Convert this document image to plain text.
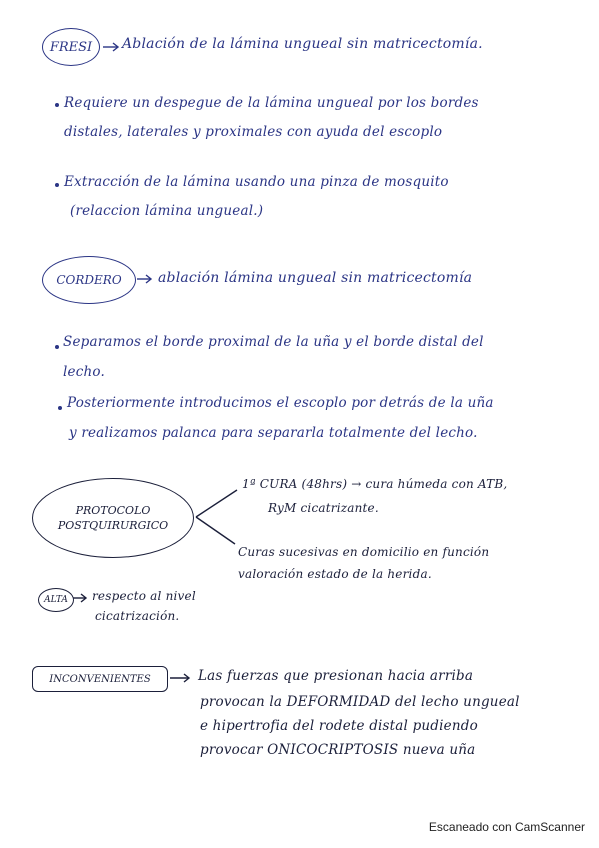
FRESI Ablación de la lámina ungueal sin matricectomía.

Requiere un despegue de la lámina ungueal por los bordes

distales, laterales y proximales con ayuda del escoplo

Extracción de la lámina usando una pinza de mosquito

(relaccion lámina ungueal.)

CORDERO	ablación lámina ungueal sin matricectomía

Separamos el borde proximal de la uña y el borde distal del

lecho.

Posteriormente introducimos el escoplo por detrás de la uña

y realizamos palanca para separarla totalmente del lecho.

PROTOCOLO
POSTQUIRURGICO

1ª CURA (48hrs) → cura húmeda con ATB,

RyM cicatrizante.

Curas sucesivas en domicilio en función

valoración estado de la herida.

ALTA respecto al nivel

cicatrización.

INCONVENIENTES	Las fuerzas que presionan hacia arriba

provocan la DEFORMIDAD del lecho ungueal

e hipertrofia del rodete distal pudiendo

provocar ONICOCRIPTOSIS nueva uña

Escaneado con CamScanner
